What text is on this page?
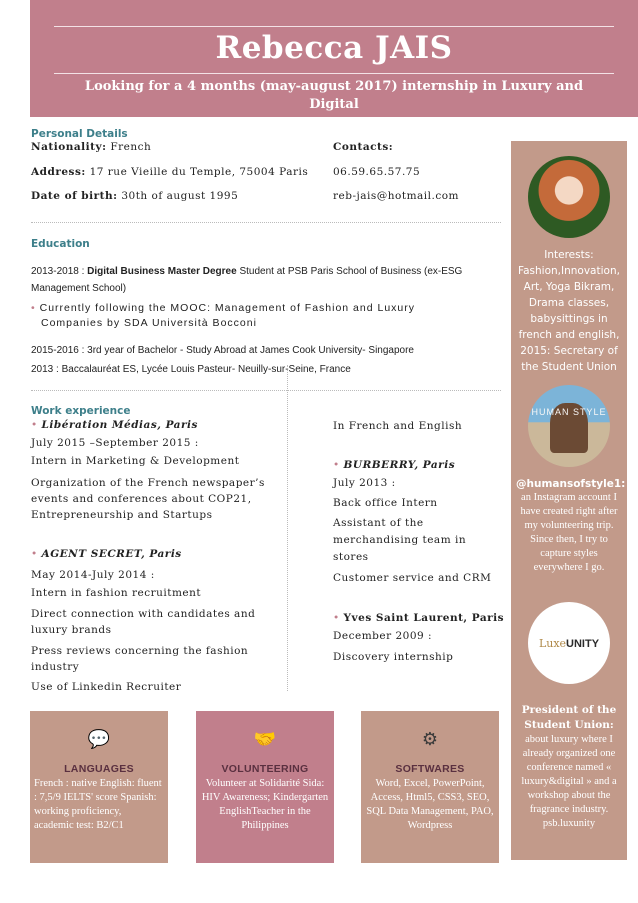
Rebecca JAIS
Looking for a 4 months (may-august 2017) internship in Luxury and Digital
Personal Details
Nationality: French	Contacts:
Address: 17 rue Vieille du Temple, 75004 Paris 06.59.65.57.75
Date of birth: 30th of august 1995	reb-jais@hotmail.com
Education
2013-2018 : Digital Business Master Degree Student at PSB Paris School of Business (ex-ESG
Management School)
• Currently following the MOOC: Management of Fashion and Luxury
Companies by SDA Università Bocconi
2015-2016 : 3rd year of Bachelor - Study Abroad at James Cook University- Singapore
2013 : Baccalauréat ES, Lycée Louis Pasteur- Neuilly-sur-Seine, France
Work experience
• Libération Médias, Paris
July 2015 –September 2015 :
Intern in Marketing & Development
Organization of the French newspaper’s
events and conferences about COP21,
Entrepreneurship and Startups
• AGENT SECRET, Paris
May 2014-July 2014 :
Intern in fashion recruitment
Direct connection with candidates and
luxury brands
Press reviews concerning the fashion
industry
Use of Linkedin Recruiter
In French and English
• BURBERRY, Paris
July 2013 :
Back office Intern
Assistant of the
merchandising team in
stores
Customer service and CRM
• Yves Saint Laurent, Paris
December 2009 :
Discovery internship
Interests: Fashion,Innovation, Art, Yoga Bikram, Drama classes, babysittings in french and english, 2015: Secretary of the Student Union
HUMAN STYLE
@humansofstyle1:
an Instagram account I have created right after my volunteering trip. Since then, I try to capture styles everywhere I go.
LuxeUNITY
President of the Student Union:
about luxury where I already organized one conference named « luxury&digital » and a workshop about the fragrance industry. psb.luxunity
💬
LANGUAGES
French : native English: fluent : 7,5/9 IELTS' score Spanish: working proficiency, academic test: B2/C1
🤝
VOLUNTEERING
Volunteer at Solidarité Sida: HIV Awareness; Kindergarten EnglishTeacher in the Philippines
⚙
SOFTWARES
Word, Excel, PowerPoint, Access, Html5, CSS3, SEO, SQL Data Management, PAO, Wordpress
